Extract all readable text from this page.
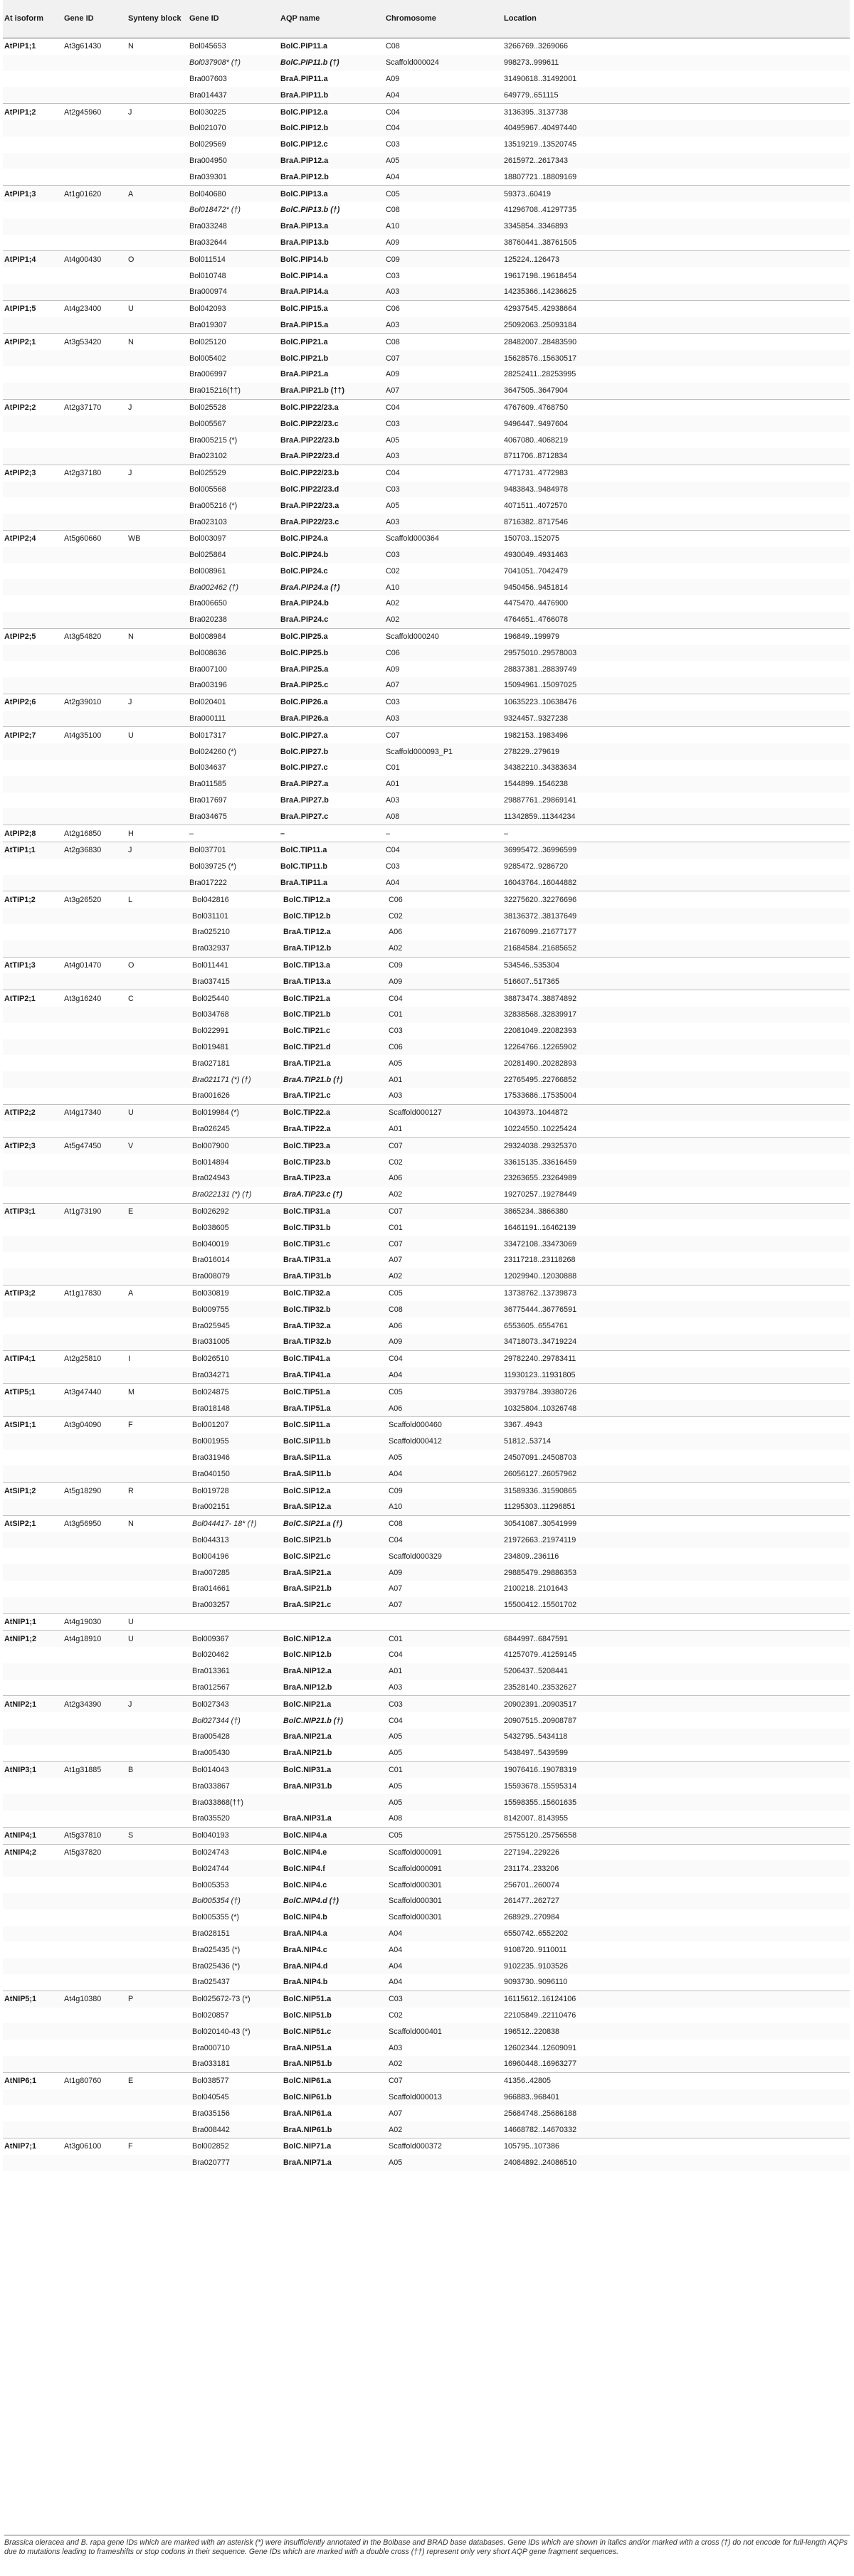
At isoform	Gene ID	Synteny block	Gene ID	AQP name	Chromosome	Location
AtPIP1;1	At3g61430	N	Bol045653	BolC.PIP11.a	C08	3266769..3269066
			Bol037908* (†)	BolC.PIP11.b (†)	Scaffold000024	998273..999611
			Bra007603	BraA.PIP11.a	A09	31490618..31492001
			Bra014437	BraA.PIP11.b	A04	649779..651115
AtPIP1;2	At2g45960	J	Bol030225	BolC.PIP12.a	C04	3136395..3137738
			Bol021070	BolC.PIP12.b	C04	40495967..40497440
			Bol029569	BolC.PIP12.c	C03	13519219..13520745
			Bra004950	BraA.PIP12.a	A05	2615972..2617343
			Bra039301	BraA.PIP12.b	A04	18807721..18809169
AtPIP1;3	At1g01620	A	Bol040680	BolC.PIP13.a	C05	59373..60419
			Bol018472* (†)	BolC.PIP13.b (†)	C08	41296708..41297735
			Bra033248	BraA.PIP13.a	A10	3345854..3346893
			Bra032644	BraA.PIP13.b	A09	38760441..38761505
AtPIP1;4	At4g00430	O	Bol011514	BolC.PIP14.b	C09	125224..126473
			Bol010748	BolC.PIP14.a	C03	19617198..19618454
			Bra000974	BraA.PIP14.a	A03	14235366..14236625
AtPIP1;5	At4g23400	U	Bol042093	BolC.PIP15.a	C06	42937545..42938664
			Bra019307	BraA.PIP15.a	A03	25092063..25093184
AtPIP2;1	At3g53420	N	Bol025120	BolC.PIP21.a	C08	28482007..28483590
			Bol005402	BolC.PIP21.b	C07	15628576..15630517
			Bra006997	BraA.PIP21.a	A09	28252411..28253995
			Bra015216(††)	BraA.PIP21.b (††)	A07	3647505..3647904
AtPIP2;2	At2g37170	J	Bol025528	BolC.PIP22/23.a	C04	4767609..4768750
			Bol005567	BolC.PIP22/23.c	C03	9496447..9497604
			Bra005215 (*)	BraA.PIP22/23.b	A05	4067080..4068219
			Bra023102	BraA.PIP22/23.d	A03	8711706..8712834
AtPIP2;3	At2g37180	J	Bol025529	BolC.PIP22/23.b	C04	4771731..4772983
			Bol005568	BolC.PIP22/23.d	C03	9483843..9484978
			Bra005216 (*)	BraA.PIP22/23.a	A05	4071511..4072570
			Bra023103	BraA.PIP22/23.c	A03	8716382..8717546
AtPIP2;4	At5g60660	WB	Bol003097	BolC.PIP24.a	Scaffold000364	150703..152075
			Bol025864	BolC.PIP24.b	C03	4930049..4931463
			Bol008961	BolC.PIP24.c	C02	7041051..7042479
			Bra002462 (†)	BraA.PIP24.a (†)	A10	9450456..9451814
			Bra006650	BraA.PIP24.b	A02	4475470..4476900
			Bra020238	BraA.PIP24.c	A02	4764651..4766078
AtPIP2;5	At3g54820	N	Bol008984	BolC.PIP25.a	Scaffold000240	196849..199979
			Bol008636	BolC.PIP25.b	C06	29575010..29578003
			Bra007100	BraA.PIP25.a	A09	28837381..28839749
			Bra003196	BraA.PIP25.c	A07	15094961..15097025
AtPIP2;6	At2g39010	J	Bol020401	BolC.PIP26.a	C03	10635223..10638476
			Bra000111	BraA.PIP26.a	A03	9324457..9327238
AtPIP2;7	At4g35100	U	Bol017317	BolC.PIP27.a	C07	1982153..1983496
			Bol024260 (*)	BolC.PIP27.b	Scaffold000093_P1	278229..279619
			Bol034637	BolC.PIP27.c	C01	34382210..34383634
			Bra011585	BraA.PIP27.a	A01	1544899..1546238
			Bra017697	BraA.PIP27.b	A03	29887761..29869141
			Bra034675	BraA.PIP27.c	A08	11342859..11344234
AtPIP2;8	At2g16850	H	–	–	–	–
AtTIP1;1	At2g36830	J	Bol037701	BolC.TIP11.a	C04	36995472..36996599
			Bol039725 (*)	BolC.TIP11.b	C03	9285472..9286720
			Bra017222	BraA.TIP11.a	A04	16043764..16044882
AtTIP1;2	At3g26520	L	Bol042816	BolC.TIP12.a	C06	32275620..32276696
			Bol031101	BolC.TIP12.b	C02	38136372..38137649
			Bra025210	BraA.TIP12.a	A06	21676099..21677177
			Bra032937	BraA.TIP12.b	A02	21684584..21685652
AtTIP1;3	At4g01470	O	Bol011441	BolC.TIP13.a	C09	534546..535304
			Bra037415	BraA.TIP13.a	A09	516607..517365
AtTIP2;1	At3g16240	C	Bol025440	BolC.TIP21.a	C04	38873474..38874892
			Bol034768	BolC.TIP21.b	C01	32838568..32839917
			Bol022991	BolC.TIP21.c	C03	22081049..22082393
			Bol019481	BolC.TIP21.d	C06	12264766..12265902
			Bra027181	BraA.TIP21.a	A05	20281490..20282893
			Bra021171 (*) (†)	BraA.TIP21.b (†)	A01	22765495..22766852
			Bra001626	BraA.TIP21.c	A03	17533686..17535004
AtTIP2;2	At4g17340	U	Bol019984 (*)	BolC.TIP22.a	Scaffold000127	1043973..1044872
			Bra026245	BraA.TIP22.a	A01	10224550..10225424
AtTIP2;3	At5g47450	V	Bol007900	BolC.TIP23.a	C07	29324038..29325370
			Bol014894	BolC.TIP23.b	C02	33615135..33616459
			Bra024943	BraA.TIP23.a	A06	23263655..23264989
			Bra022131 (*) (†)	BraA.TIP23.c (†)	A02	19270257..19278449
AtTIP3;1	At1g73190	E	Bol026292	BolC.TIP31.a	C07	3865234..3866380
			Bol038605	BolC.TIP31.b	C01	16461191..16462139
			Bol040019	BolC.TIP31.c	C07	33472108..33473069
			Bra016014	BraA.TIP31.a	A07	23117218..23118268
			Bra008079	BraA.TIP31.b	A02	12029940..12030888
AtTIP3;2	At1g17830	A	Bol030819	BolC.TIP32.a	C05	13738762..13739873
			Bol009755	BolC.TIP32.b	C08	36775444..36776591
			Bra025945	BraA.TIP32.a	A06	6553605..6554761
			Bra031005	BraA.TIP32.b	A09	34718073..34719224
AtTIP4;1	At2g25810	I	Bol026510	BolC.TIP41.a	C04	29782240..29783411
			Bra034271	BraA.TIP41.a	A04	11930123..11931805
AtTIP5;1	At3g47440	M	Bol024875	BolC.TIP51.a	C05	39379784..39380726
			Bra018148	BraA.TIP51.a	A06	10325804..10326748
AtSIP1;1	At3g04090	F	Bol001207	BolC.SIP11.a	Scaffold000460	3367..4943
			Bol001955	BolC.SIP11.b	Scaffold000412	51812..53714
			Bra031946	BraA.SIP11.a	A05	24507091..24508703
			Bra040150	BraA.SIP11.b	A04	26056127..26057962
AtSIP1;2	At5g18290	R	Bol019728	BolC.SIP12.a	C09	31589336..31590865
			Bra002151	BraA.SIP12.a	A10	11295303..11296851
AtSIP2;1	At3g56950	N	Bol044417- 18* (†)	BolC.SIP21.a (†)	C08	30541087..30541999
			Bol044313	BolC.SIP21.b	C04	21972663..21974119
			Bol004196	BolC.SIP21.c	Scaffold000329	234809..236116
			Bra007285	BraA.SIP21.a	A09	29885479..29886353
			Bra014661	BraA.SIP21.b	A07	2100218..2101643
			Bra003257	BraA.SIP21.c	A07	15500412..15501702
AtNIP1;1	At4g19030	U				
AtNIP1;2	At4g18910	U	Bol009367	BolC.NIP12.a	C01	6844997..6847591
			Bol020462	BolC.NIP12.b	C04	41257079..41259145
			Bra013361	BraA.NIP12.a	A01	5206437..5208441
			Bra012567	BraA.NIP12.b	A03	23528140..23532627
AtNIP2;1	At2g34390	J	Bol027343	BolC.NIP21.a	C03	20902391..20903517
			Bol027344 (†)	BolC.NIP21.b (†)	C04	20907515..20908787
			Bra005428	BraA.NIP21.a	A05	5432795..5434118
			Bra005430	BraA.NIP21.b	A05	5438497..5439599
AtNIP3;1	At1g31885	B	Bol014043	BolC.NIP31.a	C01	19076416..19078319
			Bra033867	BraA.NIP31.b	A05	15593678..15595314
			Bra033868(††)		A05	15598355..15601635
			Bra035520	BraA.NIP31.a	A08	8142007..8143955
AtNIP4;1	At5g37810	S	Bol040193	BolC.NIP4.a	C05	25755120..25756558
AtNIP4;2	At5g37820		Bol024743	BolC.NIP4.e	Scaffold000091	227194..229226
			Bol024744	BolC.NIP4.f	Scaffold000091	231174..233206
			Bol005353	BolC.NIP4.c	Scaffold000301	256701..260074
			Bol005354 (†)	BolC.NIP4.d (†)	Scaffold000301	261477..262727
			Bol005355 (*)	BolC.NIP4.b	Scaffold000301	268929..270984
			Bra028151	BraA.NIP4.a	A04	6550742..6552202
			Bra025435 (*)	BraA.NIP4.c	A04	9108720..9110011
			Bra025436 (*)	BraA.NIP4.d	A04	9102235..9103526
			Bra025437	BraA.NIP4.b	A04	9093730..9096110
AtNIP5;1	At4g10380	P	Bol025672-73 (*)	BolC.NIP51.a	C03	16115612..16124106
			Bol020857	BolC.NIP51.b	C02	22105849..22110476
			Bol020140-43 (*)	BolC.NIP51.c	Scaffold000401	196512..220838
			Bra000710	BraA.NIP51.a	A03	12602344..12609091
			Bra033181	BraA.NIP51.b	A02	16960448..16963277
AtNIP6;1	At1g80760	E	Bol038577	BolC.NIP61.a	C07	41356..42805
			Bol040545	BolC.NIP61.b	Scaffold000013	966883..968401
			Bra035156	BraA.NIP61.a	A07	25684748..25686188
			Bra008442	BraA.NIP61.b	A02	14668782..14670332
AtNIP7;1	At3g06100	F	Bol002852	BolC.NIP71.a	Scaffold000372	105795..107386
			Bra020777	BraA.NIP71.a	A05	24084892..24086510
Brassica oleracea and B. rapa gene IDs which are marked with an asterisk (*) were insufficiently annotated in the Bolbase and BRAD base databases. Gene IDs which are shown in italics and/or marked with a cross (†) do not encode for full-length AQPs due to mutations leading to frameshifts or stop codons in their sequence. Gene IDs which are marked with a double cross (††) represent only very short AQP gene fragment sequences.
